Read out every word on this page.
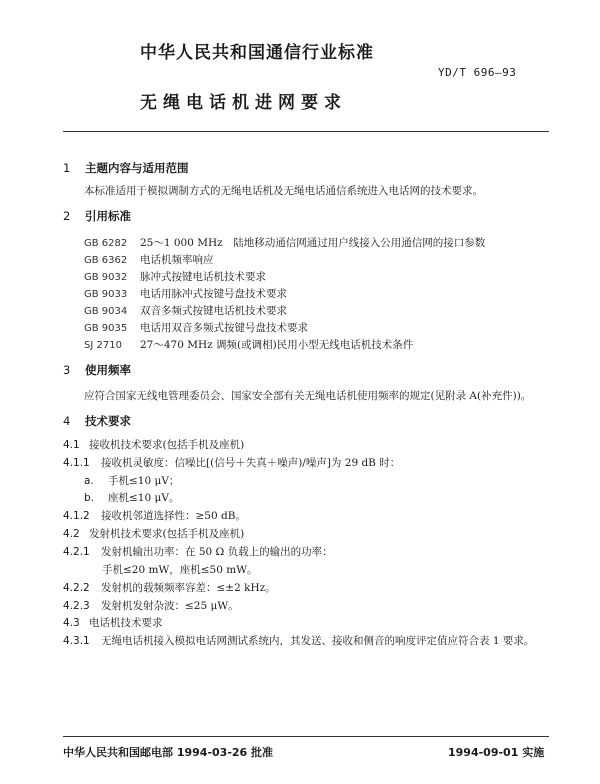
中华人民共和国通信行业标准
YD/T 696—93
无绳电话机进网要求
1 主题内容与适用范围
本标准适用于模拟调制方式的无绳电话机及无绳电话通信系统进入电话网的技术要求。
2 引用标准
GB 6282 25～1 000 MHz　陆地移动通信网通过用户线接入公用通信网的接口参数
GB 6362 电话机频率响应
GB 9032 脉冲式按键电话机技术要求
GB 9033 电话用脉冲式按键号盘技术要求
GB 9034 双音多频式按键电话机技术要求
GB 9035 电话用双音多频式按键号盘技术要求
SJ 2710 27～470 MHz 调频(或调相)民用小型无线电话机技术条件
3 使用频率
应符合国家无线电管理委员会、国家安全部有关无绳电话机使用频率的规定(见附录 A(补充件))。
4 技术要求
4.1 接收机技术要求(包括手机及座机)
4.1.1 接收机灵敏度：信噪比[(信号＋失真＋噪声)/噪声]为 29 dB 时：
a. 手机≤10 μV；
b. 座机≤10 μV。
4.1.2 接收机邻道选择性：≥50 dB。
4.2 发射机技术要求(包括手机及座机)
4.2.1 发射机输出功率：在 50 Ω 负载上的输出的功率：
手机≤20 mW，座机≤50 mW。
4.2.2 发射机的载频频率容差：≤±2 kHz。
4.2.3 发射机发射杂波：≤25 μW。
4.3 电话机技术要求
4.3.1 无绳电话机接入模拟电话网测试系统内，其发送、接收和侧音的响度评定值应符合表 1 要求。
中华人民共和国邮电部 1994-03-26 批准	1994-09-01 实施
